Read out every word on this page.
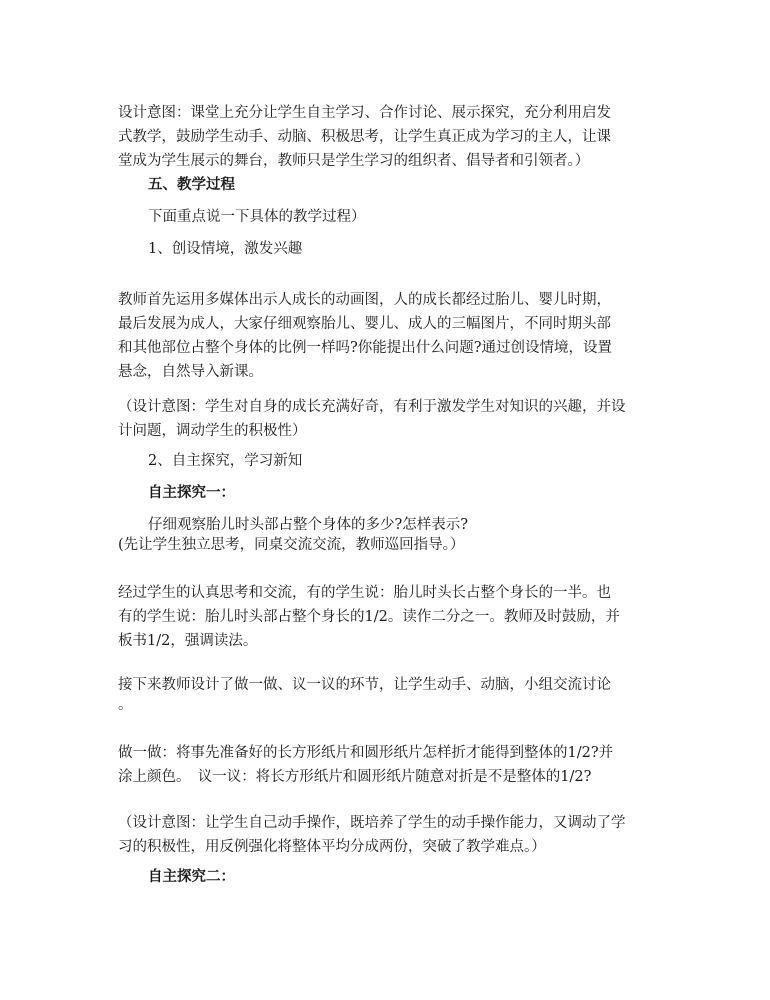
设计意图：课堂上充分让学生自主学习、合作讨论、展示探究，充分利用启发
式教学，鼓励学生动手、动脑、积极思考，让学生真正成为学习的主人，让课
堂成为学生展示的舞台，教师只是学生学习的组织者、倡导者和引领者。）
五、教学过程
下面重点说一下具体的教学过程）
1、创设情境，激发兴趣
教师首先运用多媒体出示人成长的动画图，人的成长都经过胎儿、婴儿时期，
最后发展为成人，大家仔细观察胎儿、婴儿、成人的三幅图片，不同时期头部
和其他部位占整个身体的比例一样吗?你能提出什么问题?通过创设情境，设置
悬念，自然导入新课。
（设计意图：学生对自身的成长充满好奇，有利于激发学生对知识的兴趣，并设
计问题，调动学生的积极性）
2、自主探究，学习新知
自主探究一：
仔细观察胎儿时头部占整个身体的多少?怎样表示?
(先让学生独立思考，同桌交流交流，教师巡回指导。）
经过学生的认真思考和交流，有的学生说：胎儿时头长占整个身长的一半。也
有的学生说：胎儿时头部占整个身长的1/2。读作二分之一。教师及时鼓励，并
板书1/2，强调读法。
接下来教师设计了做一做、议一议的环节，让学生动手、动脑，小组交流讨论
。
做一做：将事先准备好的长方形纸片和圆形纸片怎样折才能得到整体的1/2?并
涂上颜色。　议一议：将长方形纸片和圆形纸片随意对折是不是整体的1/2?
（设计意图：让学生自己动手操作，既培养了学生的动手操作能力，又调动了学
习的积极性，用反例强化将整体平均分成两份，突破了教学难点。）
自主探究二：
